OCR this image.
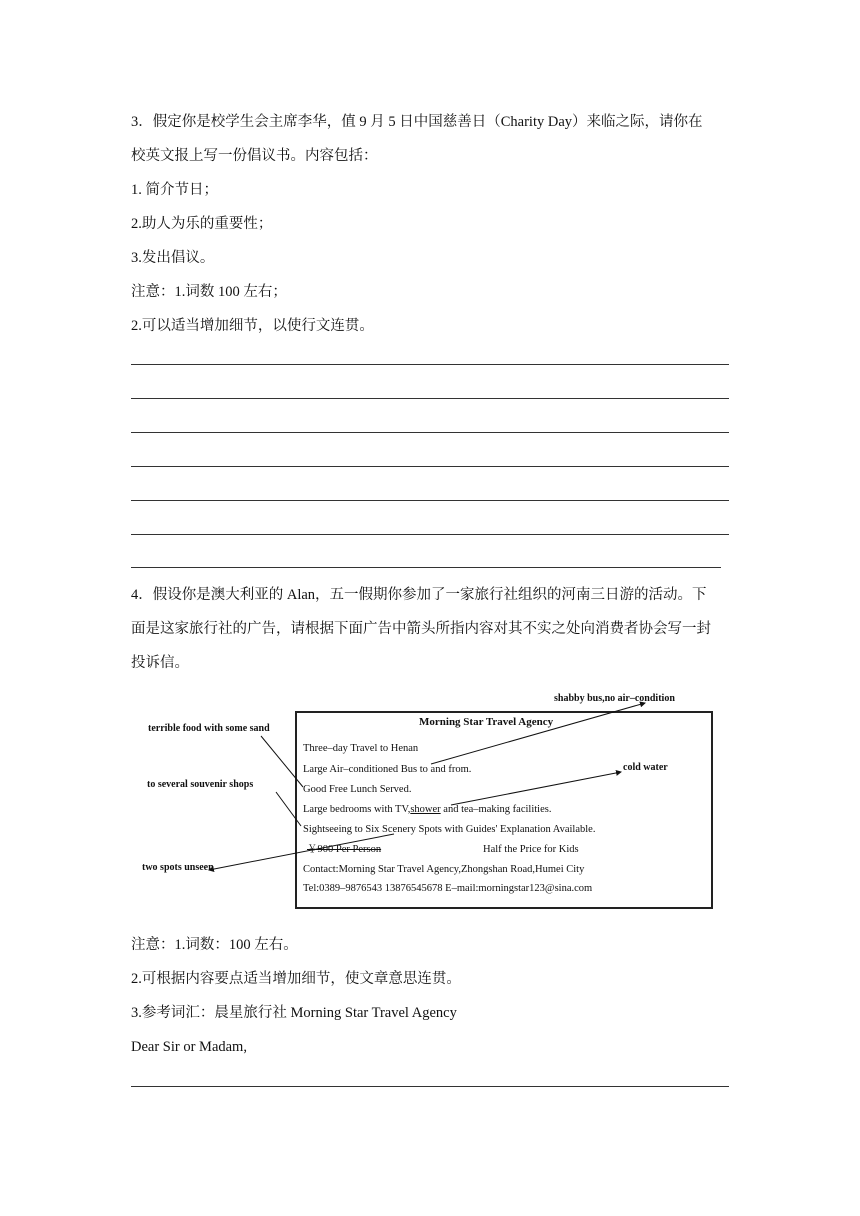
3．假定你是校学生会主席李华，值 9 月 5 日中国慈善日（Charity Day）来临之际，请你在
校英文报上写一份倡议书。内容包括：
1. 简介节日；
2.助人为乐的重要性；
3.发出倡议。
注意：1.词数 100 左右；
2.可以适当增加细节，以使行文连贯。
4．假设你是澳大利亚的 Alan，五一假期你参加了一家旅行社组织的河南三日游的活动。下
面是这家旅行社的广告，请根据下面广告中箭头所指内容对其不实之处向消费者协会写一封
投诉信。
Morning Star Travel Agency
Three–day Travel to Henan
Large Air–conditioned Bus to and from.
Good Free Lunch Served.
Large bedrooms with TV,shower and tea–making facilities.
Sightseeing to Six Scenery Spots with Guides' Explanation Available.
￥900 Per Person	Half the Price for Kids
Contact:Morning Star Travel Agency,Zhongshan Road,Humei City
Tel:0389–9876543 13876545678 E–mail:morningstar123@sina.com
shabby bus,no air–condition
terrible food with some sand
cold water
to several souvenir shops
two spots unseen
注意：1.词数：100 左右。
2.可根据内容要点适当增加细节，使文章意思连贯。
3.参考词汇：晨星旅行社 Morning Star Travel Agency
Dear Sir or Madam,
